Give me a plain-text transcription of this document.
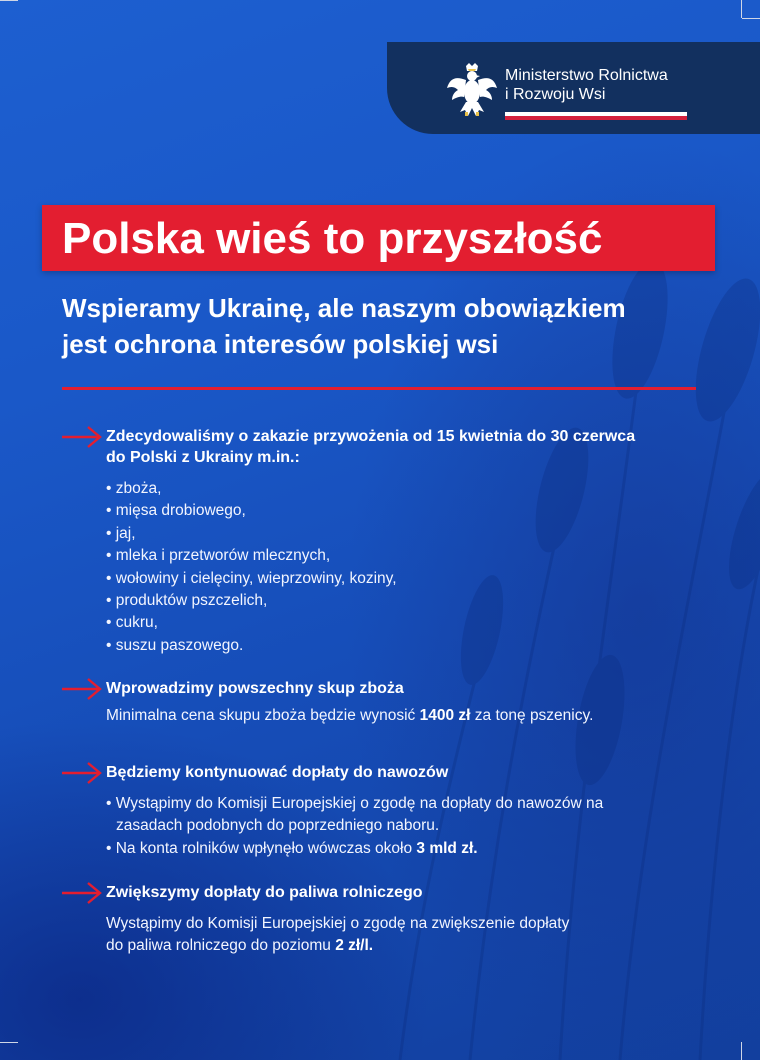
Ministerstwo Rolnictwa
i Rozwoju Wsi
Polska wieś to przyszłość
Wspieramy Ukrainę, ale naszym obowiązkiem
jest ochrona interesów polskiej wsi

Zdecydowaliśmy o zakazie przywożenia od 15 kwietnia do 30 czerwca
do Polski z Ukrainy m.in.:

• zboża,
• mięsa drobiowego,
• jaj,
• mleka i przetworów mlecznych,
• wołowiny i cielęciny, wieprzowiny, koziny,
• produktów pszczelich,
• cukru,
• suszu paszowego.

Wprowadzimy powszechny skup zboża

Minimalna cena skupu zboża będzie wynosić 1400 zł za tonę pszenicy.

Będziemy kontynuować dopłaty do nawozów

• Wystąpimy do Komisji Europejskiej o zgodę na dopłaty do nawozów na zasadach podobnych do poprzedniego naboru.
• Na konta rolników wpłynęło wówczas około 3 mld zł.

Zwiększymy dopłaty do paliwa rolniczego

Wystąpimy do Komisji Europejskiej o zgodę na zwiększenie dopłaty
do paliwa rolniczego do poziomu 2 zł/l.
